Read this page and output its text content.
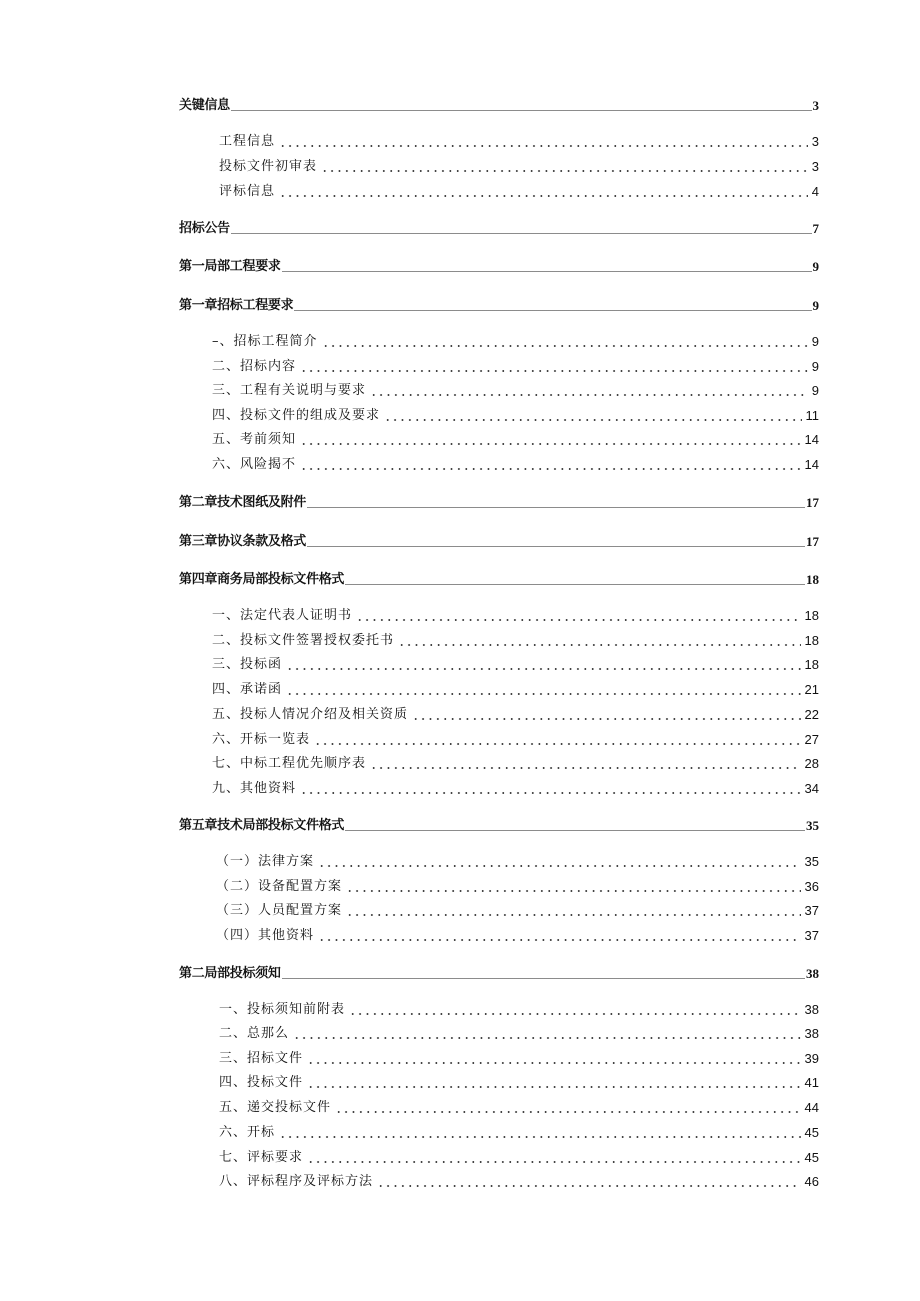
关键信息	3
工程信息	3
投标文件初审表	3
评标信息	4
招标公告	7
第一局部工程要求	9
第一章招标工程要求	9
–、招标工程简介	9
二、招标内容	9
三、工程有关说明与要求	9
四、投标文件的组成及要求	11
五、考前须知	14
六、风险揭不	14
第二章技术图纸及附件	17
第三章协议条款及格式	17
第四章商务局部投标文件格式	18
一、法定代表人证明书	18
二、投标文件签署授权委托书	18
三、投标函	18
四、承诺函	21
五、投标人情况介绍及相关资质	22
六、开标一览表	27
七、中标工程优先顺序表	28
九、其他资料	34
第五章技术局部投标文件格式	35
（一）法律方案	35
（二）设备配置方案	36
（三）人员配置方案	37
（四）其他资料	37
第二局部投标须知	38
一、投标须知前附表	38
二、总那么	38
三、招标文件	39
四、投标文件	41
五、递交投标文件	44
六、开标	45
七、评标要求	45
八、评标程序及评标方法	46
